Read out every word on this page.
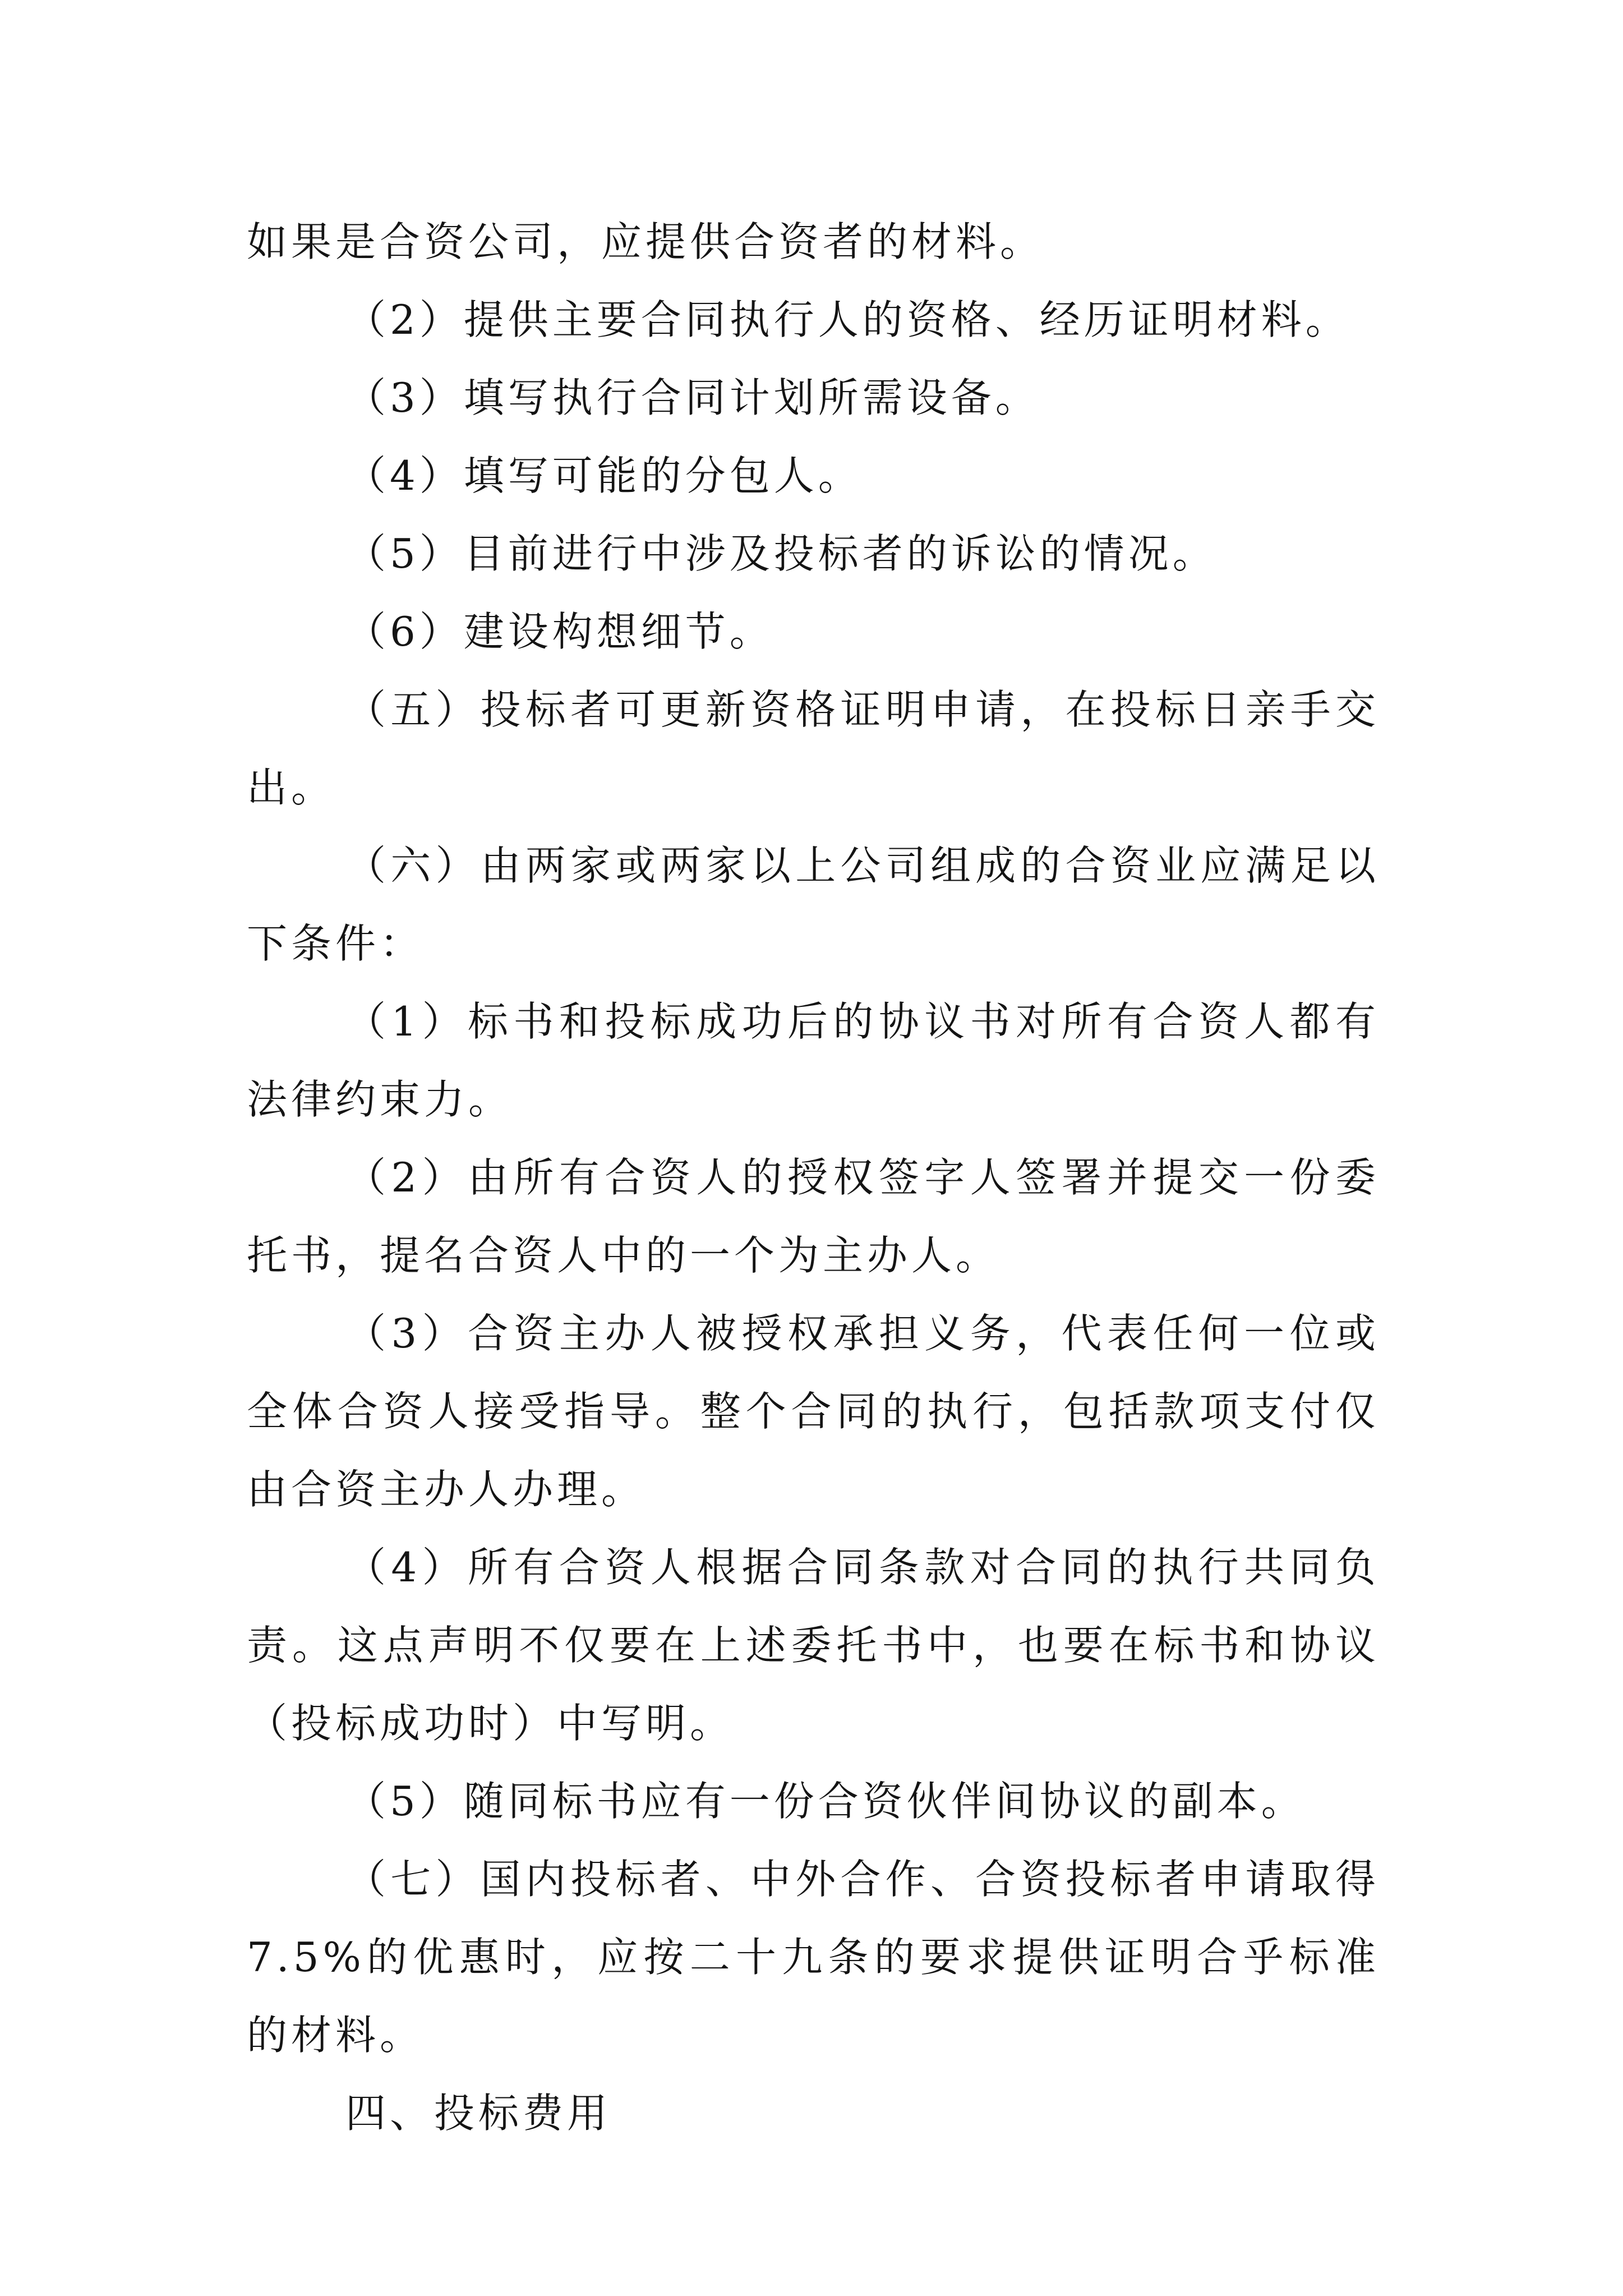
如果是合资公司，应提供合资者的材料。

（2）提供主要合同执行人的资格、经历证明材料。

（3）填写执行合同计划所需设备。

（4）填写可能的分包人。

（5）目前进行中涉及投标者的诉讼的情况。

（6）建设构想细节。

（五）投标者可更新资格证明申请，在投标日亲手交出。

（六）由两家或两家以上公司组成的合资业应满足以下条件：

（1）标书和投标成功后的协议书对所有合资人都有法律约束力。

（2）由所有合资人的授权签字人签署并提交一份委托书，提名合资人中的一个为主办人。

（3）合资主办人被授权承担义务，代表任何一位或全体合资人接受指导。整个合同的执行，包括款项支付仅由合资主办人办理。

（4）所有合资人根据合同条款对合同的执行共同负责。这点声明不仅要在上述委托书中，也要在标书和协议（投标成功时）中写明。

（5）随同标书应有一份合资伙伴间协议的副本。

（七）国内投标者、中外合作、合资投标者申请取得7.5%的优惠时，应按二十九条的要求提供证明合乎标准的材料。

四、投标费用
